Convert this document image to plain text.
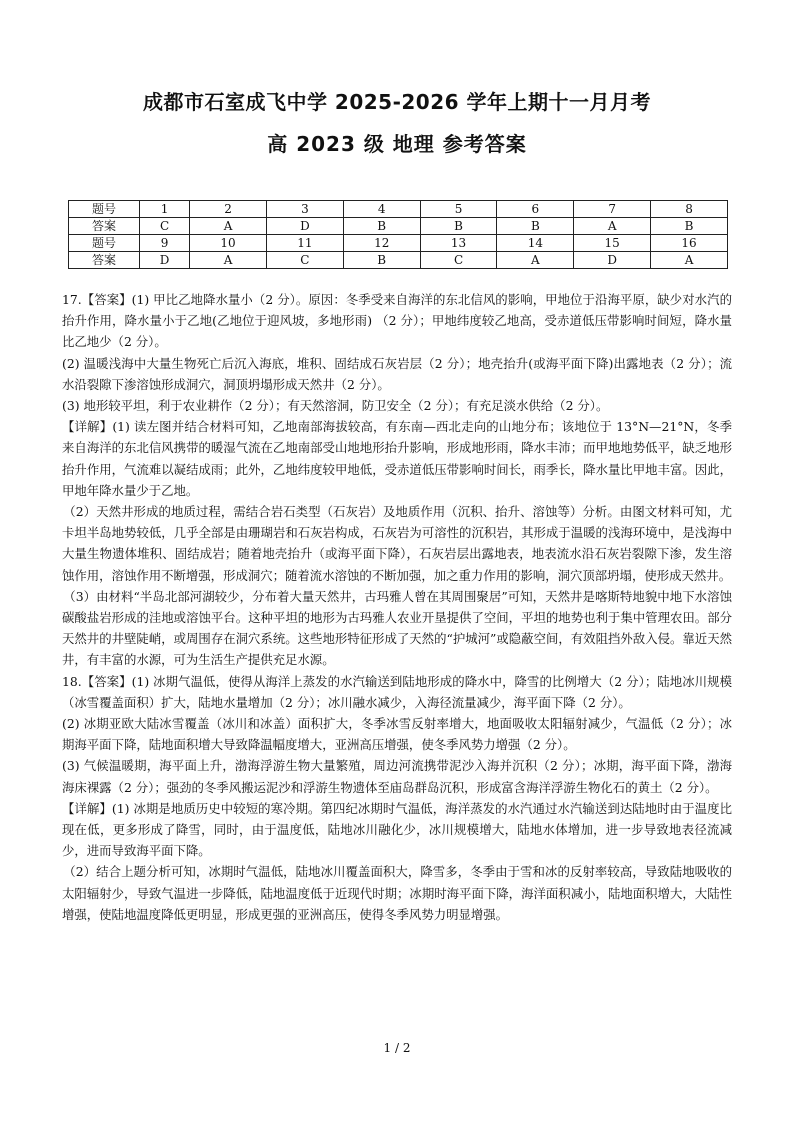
成都市石室成飞中学 2025-2026 学年上期十一月月考
高 2023 级 地理 参考答案
题号	1	2	3	4	5	6	7	8
答案	C	A	D	B	B	B	A	B
题号	9	10	11	12	13	14	15	16
答案	D	A	C	B	C	A	D	A

17.【答案】(1) 甲比乙地降水量小（2 分）。原因：冬季受来自海洋的东北信风的影响，甲地位于沿海平原，缺少对水汽的抬升作用，降水量小于乙地(乙地位于迎风坡，多地形雨) （2 分）；甲地纬度较乙地高，受赤道低压带影响时间短，降水量比乙地少（2 分）。

(2) 温暖浅海中大量生物死亡后沉入海底，堆积、固结成石灰岩层（2 分）；地壳抬升(或海平面下降)出露地表（2 分）；流水沿裂隙下渗溶蚀形成洞穴，洞顶坍塌形成天然井（2 分）。

(3) 地形较平坦，利于农业耕作（2 分）；有天然溶洞，防卫安全（2 分）；有充足淡水供给（2 分）。

【详解】(1) 读左图并结合材料可知，乙地南部海拔较高，有东南—西北走向的山地分布；该地位于 13°N—21°N，冬季来自海洋的东北信风携带的暖湿气流在乙地南部受山地地形抬升影响，形成地形雨，降水丰沛；而甲地地势低平，缺乏地形抬升作用，气流难以凝结成雨；此外，乙地纬度较甲地低，受赤道低压带影响时间长，雨季长，降水量比甲地丰富。因此，甲地年降水量少于乙地。

（2）天然井形成的地质过程，需结合岩石类型（石灰岩）及地质作用（沉积、抬升、溶蚀等）分析。由图文材料可知，尤卡坦半岛地势较低，几乎全部是由珊瑚岩和石灰岩构成，石灰岩为可溶性的沉积岩，其形成于温暖的浅海环境中，是浅海中大量生物遗体堆积、固结成岩；随着地壳抬升（或海平面下降），石灰岩层出露地表，地表流水沿石灰岩裂隙下渗，发生溶蚀作用，溶蚀作用不断增强，形成洞穴；随着流水溶蚀的不断加强，加之重力作用的影响，洞穴顶部坍塌，使形成天然井。

（3）由材料“半岛北部河湖较少，分布着大量天然井，古玛雅人曾在其周围聚居”可知，天然井是喀斯特地貌中地下水溶蚀碳酸盐岩形成的洼地或溶蚀平台。这种平坦的地形为古玛雅人农业开垦提供了空间，平坦的地势也利于集中管理农田。部分天然井的井壁陡峭，或周围存在洞穴系统。这些地形特征形成了天然的“护城河”或隐蔽空间，有效阻挡外敌入侵。靠近天然井，有丰富的水源，可为生活生产提供充足水源。

18.【答案】(1) 冰期气温低，使得从海洋上蒸发的水汽输送到陆地形成的降水中，降雪的比例增大（2 分）；陆地冰川规模（冰雪覆盖面积）扩大，陆地水量增加（2 分）；冰川融水减少，入海径流量减少，海平面下降（2 分）。

(2) 冰期亚欧大陆冰雪覆盖（冰川和冰盖）面积扩大，冬季冰雪反射率增大，地面吸收太阳辐射减少，气温低（2 分）；冰期海平面下降，陆地面积增大导致降温幅度增大，亚洲高压增强，使冬季风势力增强（2 分）。

(3) 气候温暖期，海平面上升，渤海浮游生物大量繁殖，周边河流携带泥沙入海并沉积（2 分）；冰期，海平面下降，渤海海床裸露（2 分）；强劲的冬季风搬运泥沙和浮游生物遗体至庙岛群岛沉积，形成富含海洋浮游生物化石的黄土（2 分）。

【详解】(1) 冰期是地质历史中较短的寒冷期。第四纪冰期时气温低，海洋蒸发的水汽通过水汽输送到达陆地时由于温度比现在低，更多形成了降雪，同时，由于温度低，陆地冰川融化少，冰川规模增大，陆地水体增加，进一步导致地表径流减少，进而导致海平面下降。

（2）结合上题分析可知，冰期时气温低，陆地冰川覆盖面积大，降雪多，冬季由于雪和冰的反射率较高，导致陆地吸收的太阳辐射少，导致气温进一步降低，陆地温度低于近现代时期；冰期时海平面下降，海洋面积减小，陆地面积增大，大陆性增强，使陆地温度降低更明显，形成更强的亚洲高压，使得冬季风势力明显增强。

1 / 2
